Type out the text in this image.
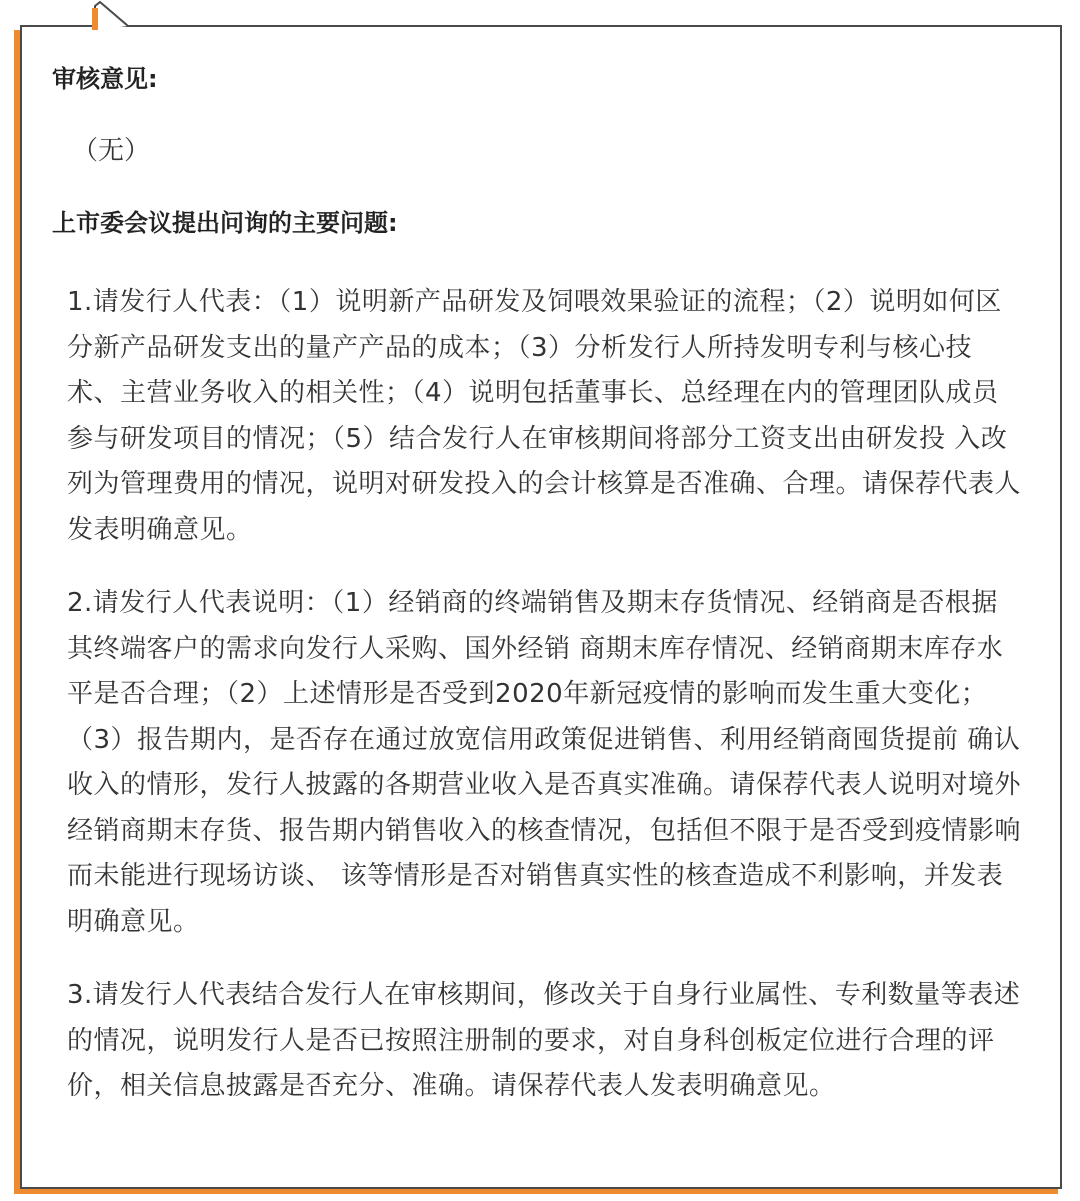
审核意见:

（无）

上市委会议提出问询的主要问题:

1.请发行人代表：（1）说明新产品研发及饲喂效果验证的流程；（2）说明如何区分新产品研发支出的量产产品的成本；（3）分析发行人所持发明专利与核心技术、主营业务收入的相关性；（4）说明包括董事长、总经理在内的管理团队成员参与研发项目的情况；（5）结合发行人在审核期间将部分工资支出由研发投 入改列为管理费用的情况，说明对研发投入的会计核算是否准确、合理。请保荐代表人发表明确意见。

2.请发行人代表说明：（1）经销商的终端销售及期末存货情况、经销商是否根据其终端客户的需求向发行人采购、国外经销 商期末库存情况、经销商期末库存水平是否合理；（2）上述情形是否受到2020年新冠疫情的影响而发生重大变化；（3）报告期内，是否存在通过放宽信用政策促进销售、利用经销商囤货提前 确认收入的情形，发行人披露的各期营业收入是否真实准确。请保荐代表人说明对境外经销商期末存货、报告期内销售收入的核查情况，包括但不限于是否受到疫情影响而未能进行现场访谈、 该等情形是否对销售真实性的核查造成不利影响，并发表明确意见。

3.请发行人代表结合发行人在审核期间，修改关于自身行业属性、专利数量等表述的情况，说明发行人是否已按照注册制的要求，对自身科创板定位进行合理的评价，相关信息披露是否充分、准确。请保荐代表人发表明确意见。
